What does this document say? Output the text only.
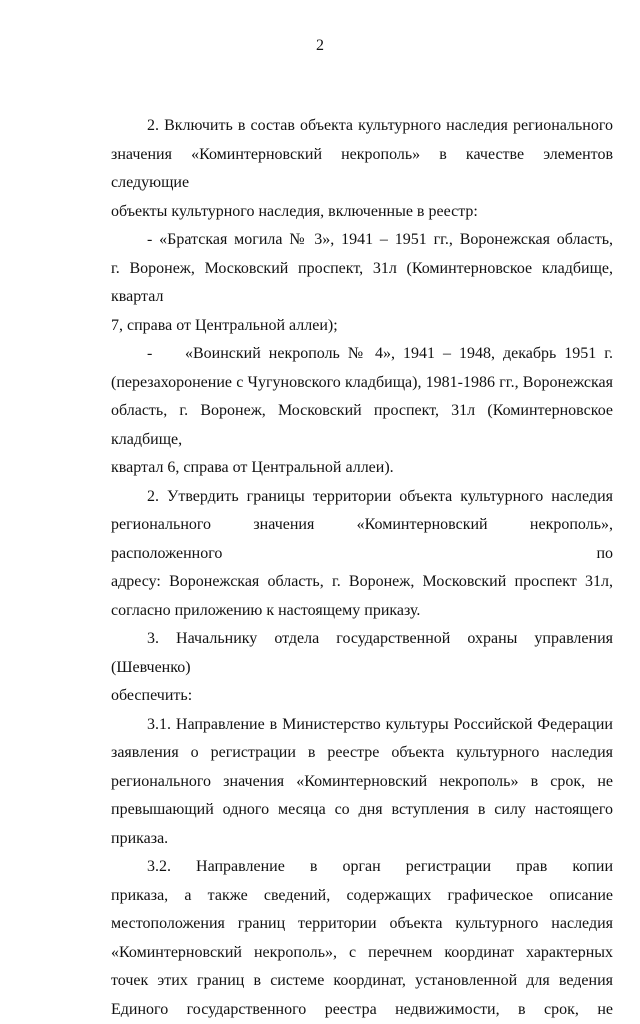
2
2. Включить в состав объекта культурного наследия регионального
значения «Коминтерновский некрополь» в качестве элементов следующие
объекты культурного наследия, включенные в реестр:
- «Братская могила № 3», 1941 – 1951 гг., Воронежская область,
г. Воронеж, Московский проспект, 31л (Коминтерновское кладбище, квартал
7, справа от Центральной аллеи);
-	«Воинский некрополь № 4», 1941 – 1948, декабрь 1951 г.
(перезахоронение с Чугуновского кладбища), 1981-1986 гг., Воронежская
область, г. Воронеж, Московский проспект, 31л (Коминтерновское кладбище,
квартал 6, справа от Центральной аллеи).
2. Утвердить границы территории объекта культурного наследия
регионального значения «Коминтерновский некрополь», расположенного по
адресу: Воронежская область, г. Воронеж, Московский проспект 31л,
согласно приложению к настоящему приказу.
3. Начальнику отдела государственной охраны управления (Шевченко)
обеспечить:
3.1. Направление в Министерство культуры Российской Федерации
заявления о регистрации в реестре объекта культурного наследия
регионального значения «Коминтерновский некрополь» в срок, не
превышающий одного месяца со дня вступления в силу настоящего приказа.
3.2. Направление в орган регистрации прав копии
приказа, а также сведений, содержащих графическое описание
местоположения границ территории объекта культурного наследия
«Коминтерновский некрополь», с перечнем координат характерных
точек этих границ в системе координат, установленной для ведения
Единого государственного реестра недвижимости, в срок, не
